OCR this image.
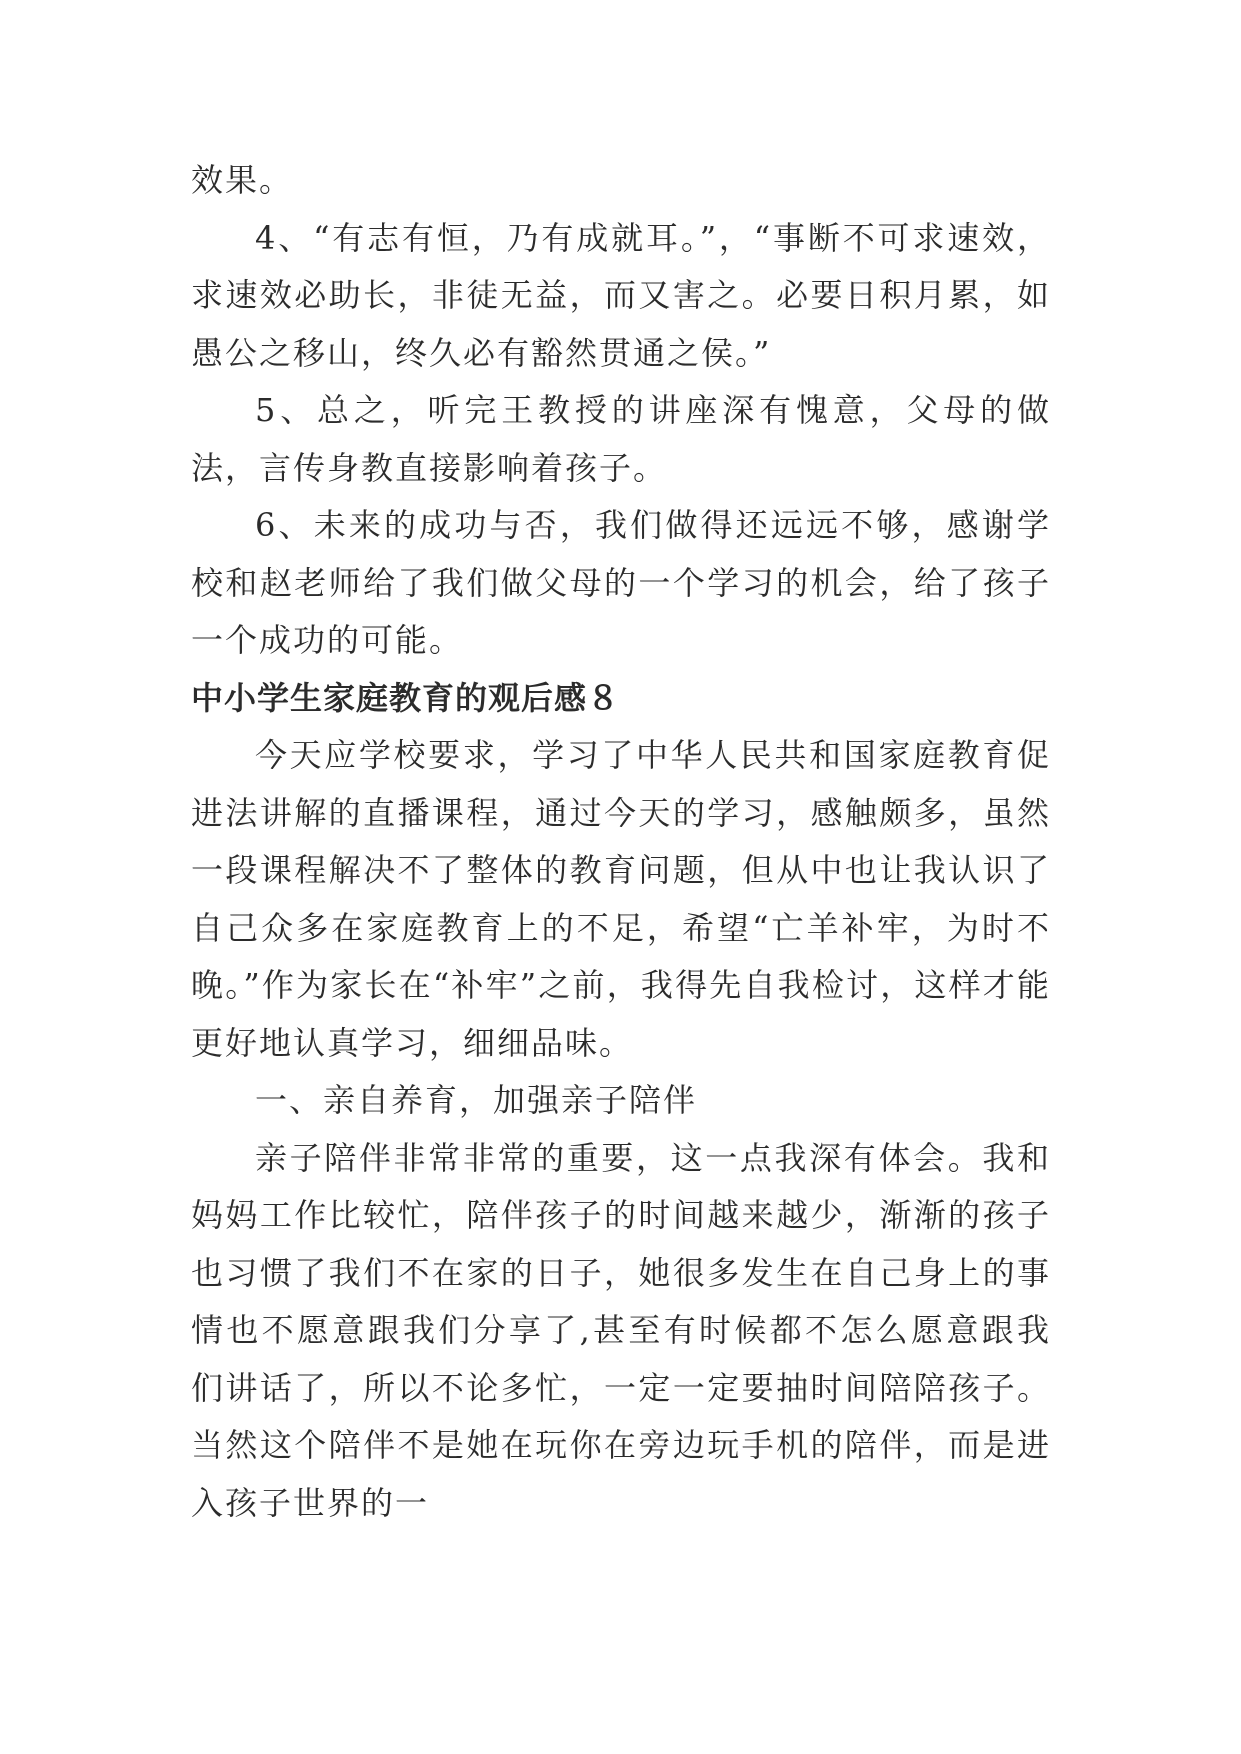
效果。

4、“有志有恒，乃有成就耳。”，“事断不可求速效，求速效必助长，非徒无益，而又害之。必要日积月累，如愚公之移山，终久必有豁然贯通之侯。”

5、总之，听完王教授的讲座深有愧意，父母的做法，言传身教直接影响着孩子。

6、未来的成功与否，我们做得还远远不够，感谢学校和赵老师给了我们做父母的一个学习的机会，给了孩子一个成功的可能。

中小学生家庭教育的观后感８

今天应学校要求，学习了中华人民共和国家庭教育促进法讲解的直播课程，通过今天的学习，感触颇多，虽然一段课程解决不了整体的教育问题，但从中也让我认识了自己众多在家庭教育上的不足，希望“亡羊补牢，为时不晚。”作为家长在“补牢”之前，我得先自我检讨，这样才能更好地认真学习，细细品味。

一、亲自养育，加强亲子陪伴

亲子陪伴非常非常的重要，这一点我深有体会。我和妈妈工作比较忙，陪伴孩子的时间越来越少，渐渐的孩子也习惯了我们不在家的日子，她很多发生在自己身上的事情也不愿意跟我们分享了,甚至有时候都不怎么愿意跟我们讲话了，所以不论多忙，一定一定要抽时间陪陪孩子。当然这个陪伴不是她在玩你在旁边玩手机的陪伴，而是进入孩子世界的一
